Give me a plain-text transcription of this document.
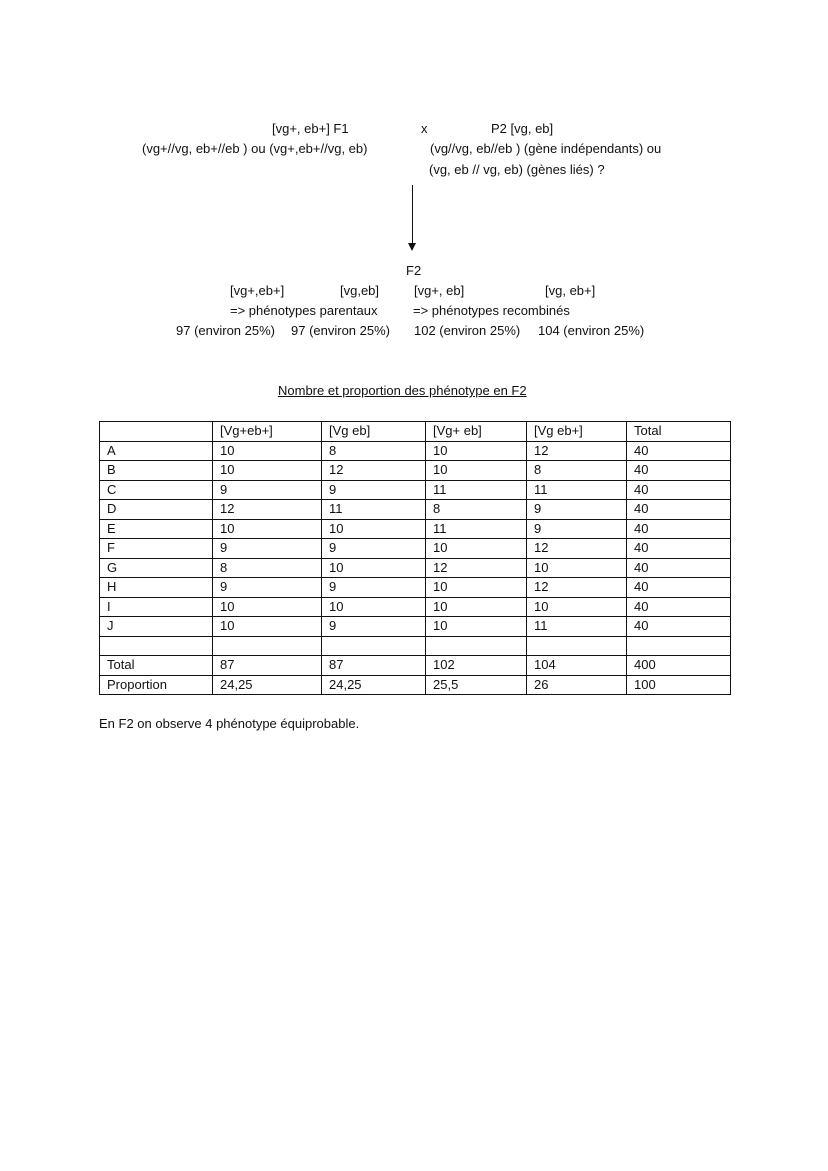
[vg+, eb+] F1	x	P2 [vg, eb]
(vg+//vg, eb+//eb ) ou (vg+,eb+//vg, eb)	(vg//vg, eb//eb ) (gène indépendants) ou
(vg, eb // vg, eb) (gènes liés) ?
F2
[vg+,eb+]	[vg,eb]	[vg+, eb]	[vg, eb+]
=> phénotypes parentaux	=> phénotypes recombinés
97 (environ 25%) 97 (environ 25%) 102 (environ 25%) 104 (environ 25%)
Nombre et proportion des phénotype en F2
	[Vg+eb+]	[Vg eb]	[Vg+ eb]	[Vg eb+]	Total
A	10	8	10	12	40
B	10	12	10	8	40
C	9	9	11	11	40
D	12	11	8	9	40
E	10	10	11	9	40
F	9	9	10	12	40
G	8	10	12	10	40
H	9	9	10	12	40
I	10	10	10	10	40
J	10	9	10	11	40

Total	87	87	102	104	400
Proportion	24,25	24,25	25,5	26	100
En F2 on observe 4 phénotype équiprobable.
